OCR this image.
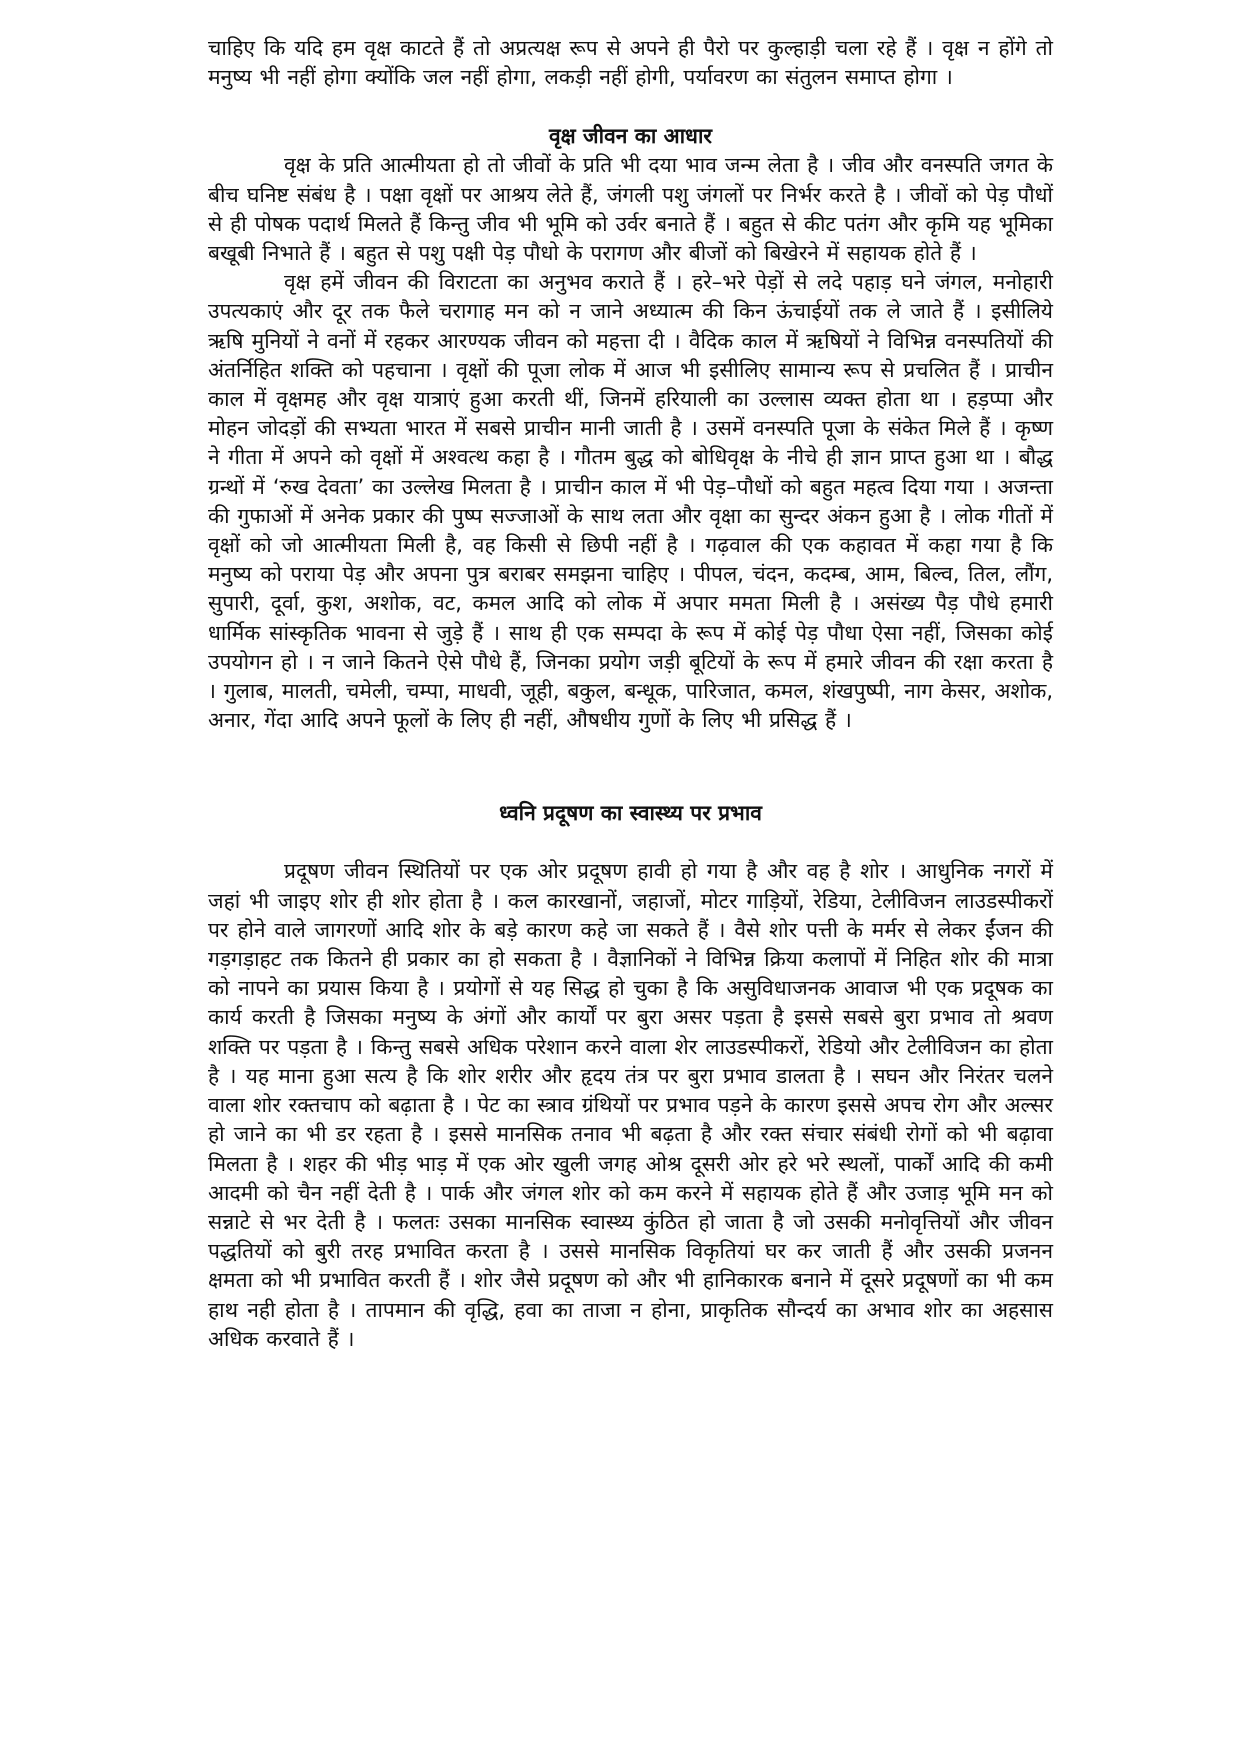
चाहिए कि यदि हम वृक्ष काटते हैं तो अप्रत्यक्ष रूप से अपने ही पैरो पर कुल्हाड़ी चला रहे हैं । वृक्ष न होंगे तो मनुष्य भी नहीं होगा क्योंकि जल नहीं होगा, लकड़ी नहीं होगी, पर्यावरण का संतुलन समाप्त होगा ।

वृक्ष जीवन का आधार

वृक्ष के प्रति आत्मीयता हो तो जीवों के प्रति भी दया भाव जन्म लेता है । जीव और वनस्पति जगत के बीच घनिष्ट संबंध है । पक्षा वृक्षों पर आश्रय लेते हैं, जंगली पशु जंगलों पर निर्भर करते है । जीवों को पेड़ पौधों से ही पोषक पदार्थ मिलते हैं किन्तु जीव भी भूमि को उर्वर बनाते हैं । बहुत से कीट पतंग और कृमि यह भूमिका बखूबी निभाते हैं । बहुत से पशु पक्षी पेड़ पौधो के परागण और बीजों को बिखेरने में सहायक होते हैं ।

वृक्ष हमें जीवन की विराटता का अनुभव कराते हैं । हरे–भरे पेड़ों से लदे पहाड़ घने जंगल, मनोहारी उपत्यकाएं और दूर तक फैले चरागाह मन को न जाने अध्यात्म की किन ऊंचाईयों तक ले जाते हैं । इसीलिये ऋषि मुनियों ने वनों में रहकर आरण्यक जीवन को महत्ता दी । वैदिक काल में ऋषियों ने विभिन्न वनस्पतियों की अंतर्निहित शक्ति को पहचाना । वृक्षों की पूजा लोक में आज भी इसीलिए सामान्य रूप से प्रचलित हैं । प्राचीन काल में वृक्षमह और वृक्ष यात्राएं हुआ करती थीं, जिनमें हरियाली का उल्लास व्यक्त होता था । हड़प्पा और मोहन जोदड़ों की सभ्यता भारत में सबसे प्राचीन मानी जाती है । उसमें वनस्पति पूजा के संकेत मिले हैं । कृष्ण ने गीता में अपने को वृक्षों में अश्वत्थ कहा है । गौतम बुद्ध को बोधिवृक्ष के नीचे ही ज्ञान प्राप्त हुआ था । बौद्ध ग्रन्थों में ‘रुख देवता’ का उल्लेख मिलता है । प्राचीन काल में भी पेड़–पौधों को बहुत महत्व दिया गया । अजन्ता की गुफाओं में अनेक प्रकार की पुष्प सज्जाओं के साथ लता और वृक्षा का सुन्दर अंकन हुआ है । लोक गीतों में वृक्षों को जो आत्मीयता मिली है, वह किसी से छिपी नहीं है । गढ़वाल की एक कहावत में कहा गया है कि मनुष्य को पराया पेड़ और अपना पुत्र बराबर समझना चाहिए । पीपल, चंदन, कदम्ब, आम, बिल्व, तिल, लौंग, सुपारी, दूर्वा, कुश, अशोक, वट, कमल आदि को लोक में अपार ममता मिली है । असंख्य पैड़ पौधे हमारी धार्मिक सांस्कृतिक भावना से जुड़े हैं । साथ ही एक सम्पदा के रूप में कोई पेड़ पौधा ऐसा नहीं, जिसका कोई उपयोगन हो । न जाने कितने ऐसे पौधे हैं, जिनका प्रयोग जड़ी बूटियों के रूप में हमारे जीवन की रक्षा करता है । गुलाब, मालती, चमेली, चम्पा, माधवी, जूही, बकुल, बन्धूक, पारिजात, कमल, शंखपुष्पी, नाग केसर, अशोक, अनार, गेंदा आदि अपने फूलों के लिए ही नहीं, औषधीय गुणों के लिए भी प्रसिद्ध हैं ।

ध्वनि प्रदूषण का स्वास्थ्य पर प्रभाव

प्रदूषण जीवन स्थितियों पर एक ओर प्रदूषण हावी हो गया है और वह है शोर । आधुनिक नगरों में जहां भी जाइए शोर ही शोर होता है । कल कारखानों, जहाजों, मोटर गाड़ियों, रेडिया, टेलीविजन लाउडस्पीकरों पर होने वाले जागरणों आदि शोर के बड़े कारण कहे जा सकते हैं । वैसे शोर पत्ती के मर्मर से लेकर ईंजन की गड़गड़ाहट तक कितने ही प्रकार का हो सकता है । वैज्ञानिकों ने विभिन्न क्रिया कलापों में निहित शोर की मात्रा को नापने का प्रयास किया है । प्रयोगों से यह सिद्ध हो चुका है कि असुविधाजनक आवाज भी एक प्रदूषक का कार्य करती है जिसका मनुष्य के अंगों और कार्यों पर बुरा असर पड़ता है इससे सबसे बुरा प्रभाव तो श्रवण शक्ति पर पड़ता है । किन्तु सबसे अधिक परेशान करने वाला शेर लाउडस्पीकरों, रेडियो और टेलीविजन का होता है । यह माना हुआ सत्य है कि शोर शरीर और हृदय तंत्र पर बुरा प्रभाव डालता है । सघन और निरंतर चलने वाला शोर रक्तचाप को बढ़ाता है । पेट का स्त्राव ग्रंथियों पर प्रभाव पड़ने के कारण इससे अपच रोग और अल्सर हो जाने का भी डर रहता है । इससे मानसिक तनाव भी बढ़ता है और रक्त संचार संबंधी रोगों को भी बढ़ावा मिलता है । शहर की भीड़ भाड़ में एक ओर खुली जगह ओश्र दूसरी ओर हरे भरे स्थलों, पार्कों आदि की कमी आदमी को चैन नहीं देती है । पार्क और जंगल शोर को कम करने में सहायक होते हैं और उजाड़ भूमि मन को सन्नाटे से भर देती है । फलतः उसका मानसिक स्वास्थ्य कुंठित हो जाता है जो उसकी मनोवृत्तियों और जीवन पद्धतियों को बुरी तरह प्रभावित करता है । उससे मानसिक विकृतियां घर कर जाती हैं और उसकी प्रजनन क्षमता को भी प्रभावित करती हैं । शोर जैसे प्रदूषण को और भी हानिकारक बनाने में दूसरे प्रदूषणों का भी कम हाथ नही होता है । तापमान की वृद्धि, हवा का ताजा न होना, प्राकृतिक सौन्दर्य का अभाव शोर का अहसास अधिक करवाते हैं ।
